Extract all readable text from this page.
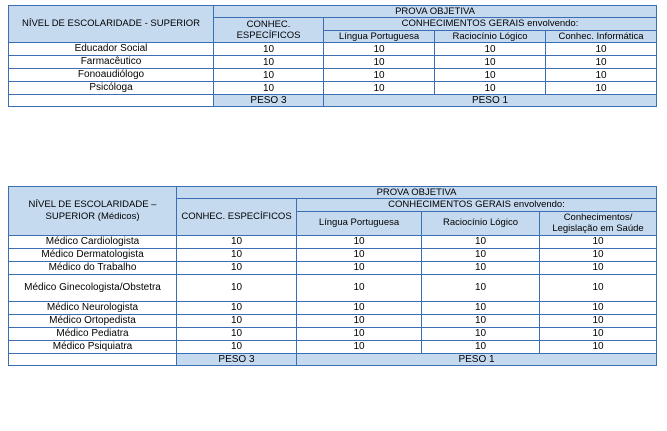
NÍVEL DE ESCOLARIDADE - SUPERIOR	PROVA OBJETIVA			
	CONHEC. ESPECÍFICOS	CONHECIMENTOS GERAIS envolvendo:		
		Língua Portuguesa	Raciocínio Lógico	Conhec. Informática
Educador Social	10	10	10	10
Farmacêutico	10	10	10	10
Fonoaudiólogo	10	10	10	10
Psicóloga	10	10	10	10
	PESO 3	PESO 1		
NÍVEL DE ESCOLARIDADE – SUPERIOR (Médicos)	PROVA OBJETIVA			
	CONHEC. ESPECÍFICOS	CONHECIMENTOS GERAIS envolvendo:		
		Língua Portuguesa	Raciocínio Lógico	Conhecimentos/ Legislação em Saúde
Médico Cardiologista	10	10	10	10
Médico Dermatologista	10	10	10	10
Médico do Trabalho	10	10	10	10
Médico Ginecologista/Obstetra	10	10	10	10
Médico Neurologista	10	10	10	10
Médico Ortopedista	10	10	10	10
Médico Pediatra	10	10	10	10
Médico Psiquiatra	10	10	10	10
	PESO 3	PESO 1		
